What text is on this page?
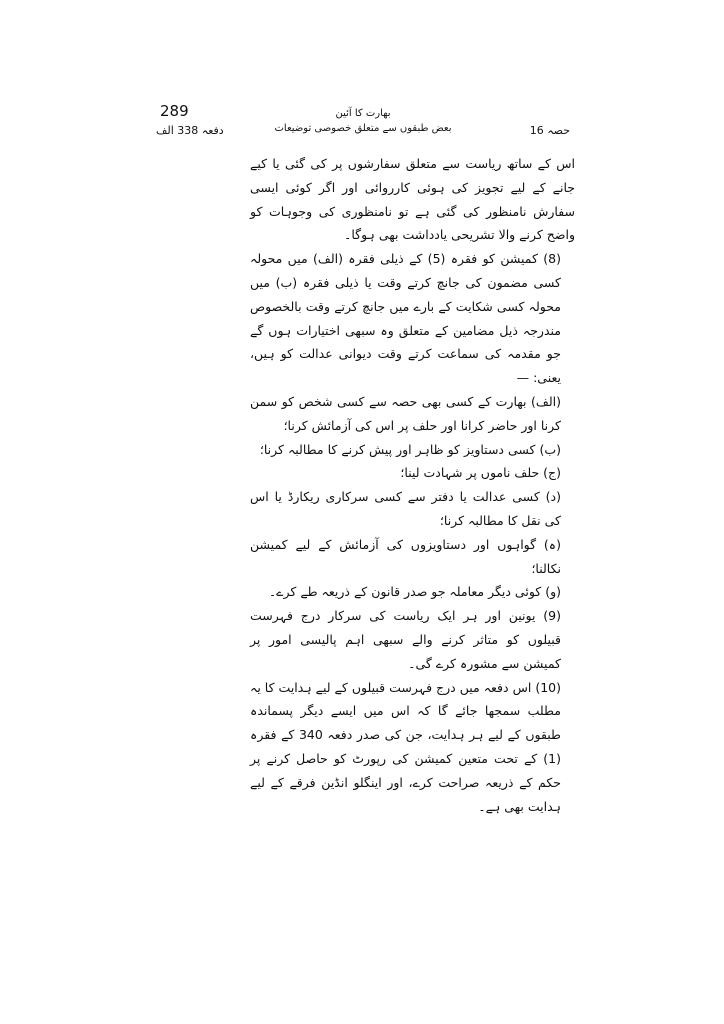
289	بھارت کا آئین
بعض طبقوں سے متعلق خصوصی توضیعات
دفعہ 338 الف	حصہ 16

اس کے ساتھ ریاست سے متعلق سفارشوں پر کی گئی یا کیے جانے کے لیے تجویز کی ہوئی کارروائی اور اگر کوئی ایسی سفارش نامنظور کی گئی ہے تو نامنظوری کی وجوہات کو واضح کرنے والا تشریحی یادداشت بھی ہوگا۔

(8) کمیشن کو فقرہ (5) کے ذیلی فقرہ (الف) میں محولہ کسی مضمون کی جانچ کرتے وقت یا ذیلی فقرہ (ب) میں محولہ کسی شکایت کے بارے میں جانچ کرتے وقت بالخصوص مندرجہ ذیل مضامین کے متعلق وہ سبھی اختیارات ہوں گے جو مقدمہ کی سماعت کرتے وقت دیوانی عدالت کو ہیں، یعنی: —

(الف) بھارت کے کسی بھی حصہ سے کسی شخص کو سمن کرنا اور حاضر کرانا اور حلف پر اس کی آزمائش کرنا؛

(ب) کسی دستاویز کو ظاہر اور پیش کرنے کا مطالبہ کرنا؛

(ج) حلف ناموں پر شہادت لینا؛

(د) کسی عدالت یا دفتر سے کسی سرکاری ریکارڈ یا اس کی نقل کا مطالبہ کرنا؛

(ہ) گواہوں اور دستاویزوں کی آزمائش کے لیے کمیشن نکالنا؛

(و) کوئی دیگر معاملہ جو صدر قانون کے ذریعہ طے کرے۔

(9) یونین اور ہر ایک ریاست کی سرکار درج فہرست قبیلوں کو متاثر کرنے والے سبھی اہم پالیسی امور پر کمیشن سے مشورہ کرے گی۔

(10) اس دفعہ میں درج فہرست قبیلوں کے لیے ہدایت کا یہ مطلب سمجھا جائے گا کہ اس میں ایسے دیگر پسماندہ طبقوں کے لیے ہر ہدایت، جن کی صدر دفعہ 340 کے فقرہ (1) کے تحت متعین کمیشن کی رپورٹ کو حاصل کرنے پر حکم کے ذریعہ صراحت کرے، اور اینگلو انڈین فرقے کے لیے ہدایت بھی ہے۔
